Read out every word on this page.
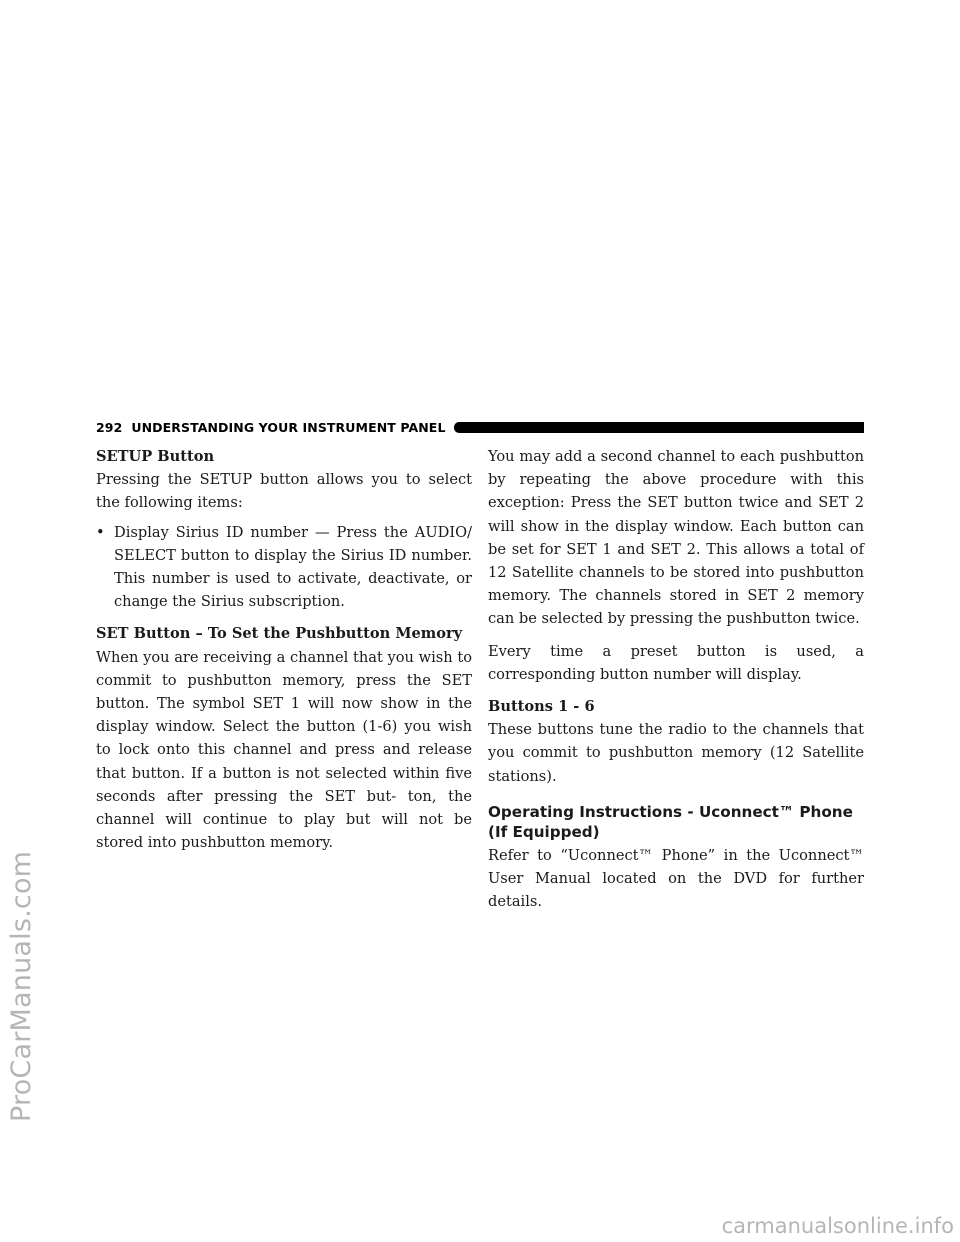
ProCarManuals.com
carmanualsonline.info
292 UNDERSTANDING YOUR INSTRUMENT PANEL

SETUP Button

Pressing the SETUP button allows you to select the following items:

• Display Sirius ID number — Press the AUDIO/ SELECT button to display the Sirius ID number. This number is used to activate, deactivate, or change the Sirius subscription.

SET Button – To Set the Pushbutton Memory

When you are receiving a channel that you wish to commit to pushbutton memory, press the SET button. The symbol SET 1 will now show in the display window. Select the button (1-6) you wish to lock onto this channel and press and release that button. If a button is not selected within five seconds after pressing the SET but- ton, the channel will continue to play but will not be stored into pushbutton memory.

You may add a second channel to each pushbutton by repeating the above procedure with this exception: Press the SET button twice and SET 2 will show in the display window. Each button can be set for SET 1 and SET 2. This allows a total of 12 Satellite channels to be stored into pushbutton memory. The channels stored in SET 2 memory can be selected by pressing the pushbutton twice.

Every time a preset button is used, a corresponding button number will display.

Buttons 1 - 6

These buttons tune the radio to the channels that you commit to pushbutton memory (12 Satellite stations).

Operating Instructions - Uconnect™ Phone
(If Equipped)

Refer to “Uconnect™ Phone” in the Uconnect™ User Manual located on the DVD for further details.
